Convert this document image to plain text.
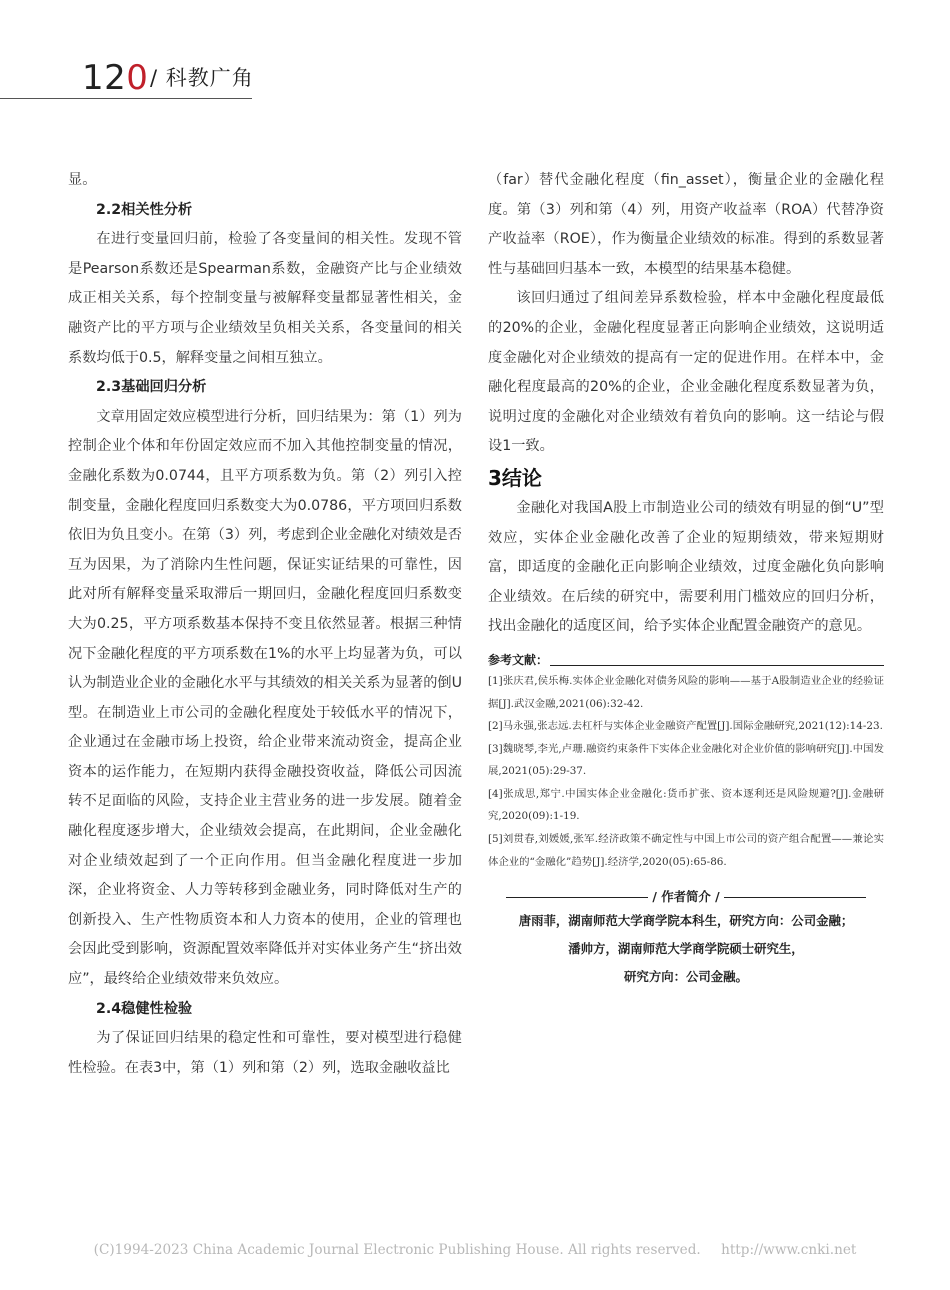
120 / 科教广角

显。

2.2相关性分析

在进行变量回归前，检验了各变量间的相关性。发现不管是Pearson系数还是Spearman系数，金融资产比与企业绩效成正相关关系，每个控制变量与被解释变量都显著性相关，金融资产比的平方项与企业绩效呈负相关关系，各变量间的相关系数均低于0.5，解释变量之间相互独立。

2.3基础回归分析

文章用固定效应模型进行分析，回归结果为：第（1）列为控制企业个体和年份固定效应而不加入其他控制变量的情况，金融化系数为0.0744，且平方项系数为负。第（2）列引入控制变量，金融化程度回归系数变大为0.0786，平方项回归系数依旧为负且变小。在第（3）列，考虑到企业金融化对绩效是否互为因果，为了消除内生性问题，保证实证结果的可靠性，因此对所有解释变量采取滞后一期回归，金融化程度回归系数变大为0.25，平方项系数基本保持不变且依然显著。根据三种情况下金融化程度的平方项系数在1%的水平上均显著为负，可以认为制造业企业的金融化水平与其绩效的相关关系为显著的倒U型。在制造业上市公司的金融化程度处于较低水平的情况下，企业通过在金融市场上投资，给企业带来流动资金，提高企业资本的运作能力，在短期内获得金融投资收益，降低公司因流转不足面临的风险，支持企业主营业务的进一步发展。随着金融化程度逐步增大，企业绩效会提高，在此期间，企业金融化对企业绩效起到了一个正向作用。但当金融化程度进一步加深，企业将资金、人力等转移到金融业务，同时降低对生产的创新投入、生产性物质资本和人力资本的使用，企业的管理也会因此受到影响，资源配置效率降低并对实体业务产生“挤出效应”，最终给企业绩效带来负效应。

2.4稳健性检验

为了保证回归结果的稳定性和可靠性，要对模型进行稳健性检验。在表3中，第（1）列和第（2）列，选取金融收益比

（far）替代金融化程度（fin_asset），衡量企业的金融化程度。第（3）列和第（4）列，用资产收益率（ROA）代替净资产收益率（ROE），作为衡量企业绩效的标准。得到的系数显著性与基础回归基本一致，本模型的结果基本稳健。

该回归通过了组间差异系数检验，样本中金融化程度最低的20%的企业，金融化程度显著正向影响企业绩效，这说明适度金融化对企业绩效的提高有一定的促进作用。在样本中，金融化程度最高的20%的企业，企业金融化程度系数显著为负，说明过度的金融化对企业绩效有着负向的影响。这一结论与假设1一致。

3结论

金融化对我国A股上市制造业公司的绩效有明显的倒“U”型效应，实体企业金融化改善了企业的短期绩效，带来短期财富，即适度的金融化正向影响企业绩效，过度金融化负向影响企业绩效。在后续的研究中，需要利用门槛效应的回归分析，找出金融化的适度区间，给予实体企业配置金融资产的意见。

参考文献：

[1]张庆君,侯乐梅.实体企业金融化对债务风险的影响——基于A股制造业企业的经验证据[J].武汉金融,2021(06):32-42.

[2]马永强,张志远.去杠杆与实体企业金融资产配置[J].国际金融研究,2021(12):14-23.

[3]魏晓琴,李光,卢珊.融资约束条件下实体企业金融化对企业价值的影响研究[J].中国发展,2021(05):29-37.

[4]张成思,郑宁.中国实体企业金融化:货币扩张、资本逐利还是风险规避?[J].金融研究,2020(09):1-19.

[5]刘贯春,刘媛媛,张军.经济政策不确定性与中国上市公司的资产组合配置——兼论实体企业的“金融化”趋势[J].经济学,2020(05):65-86.

/ 作者简介 /
唐雨菲，湖南师范大学商学院本科生，研究方向：公司金融；
潘帅方，湖南师范大学商学院硕士研究生，
研究方向：公司金融。
(C)1994-2023 China Academic Journal Electronic Publishing House. All rights reserved. http://www.cnki.net
